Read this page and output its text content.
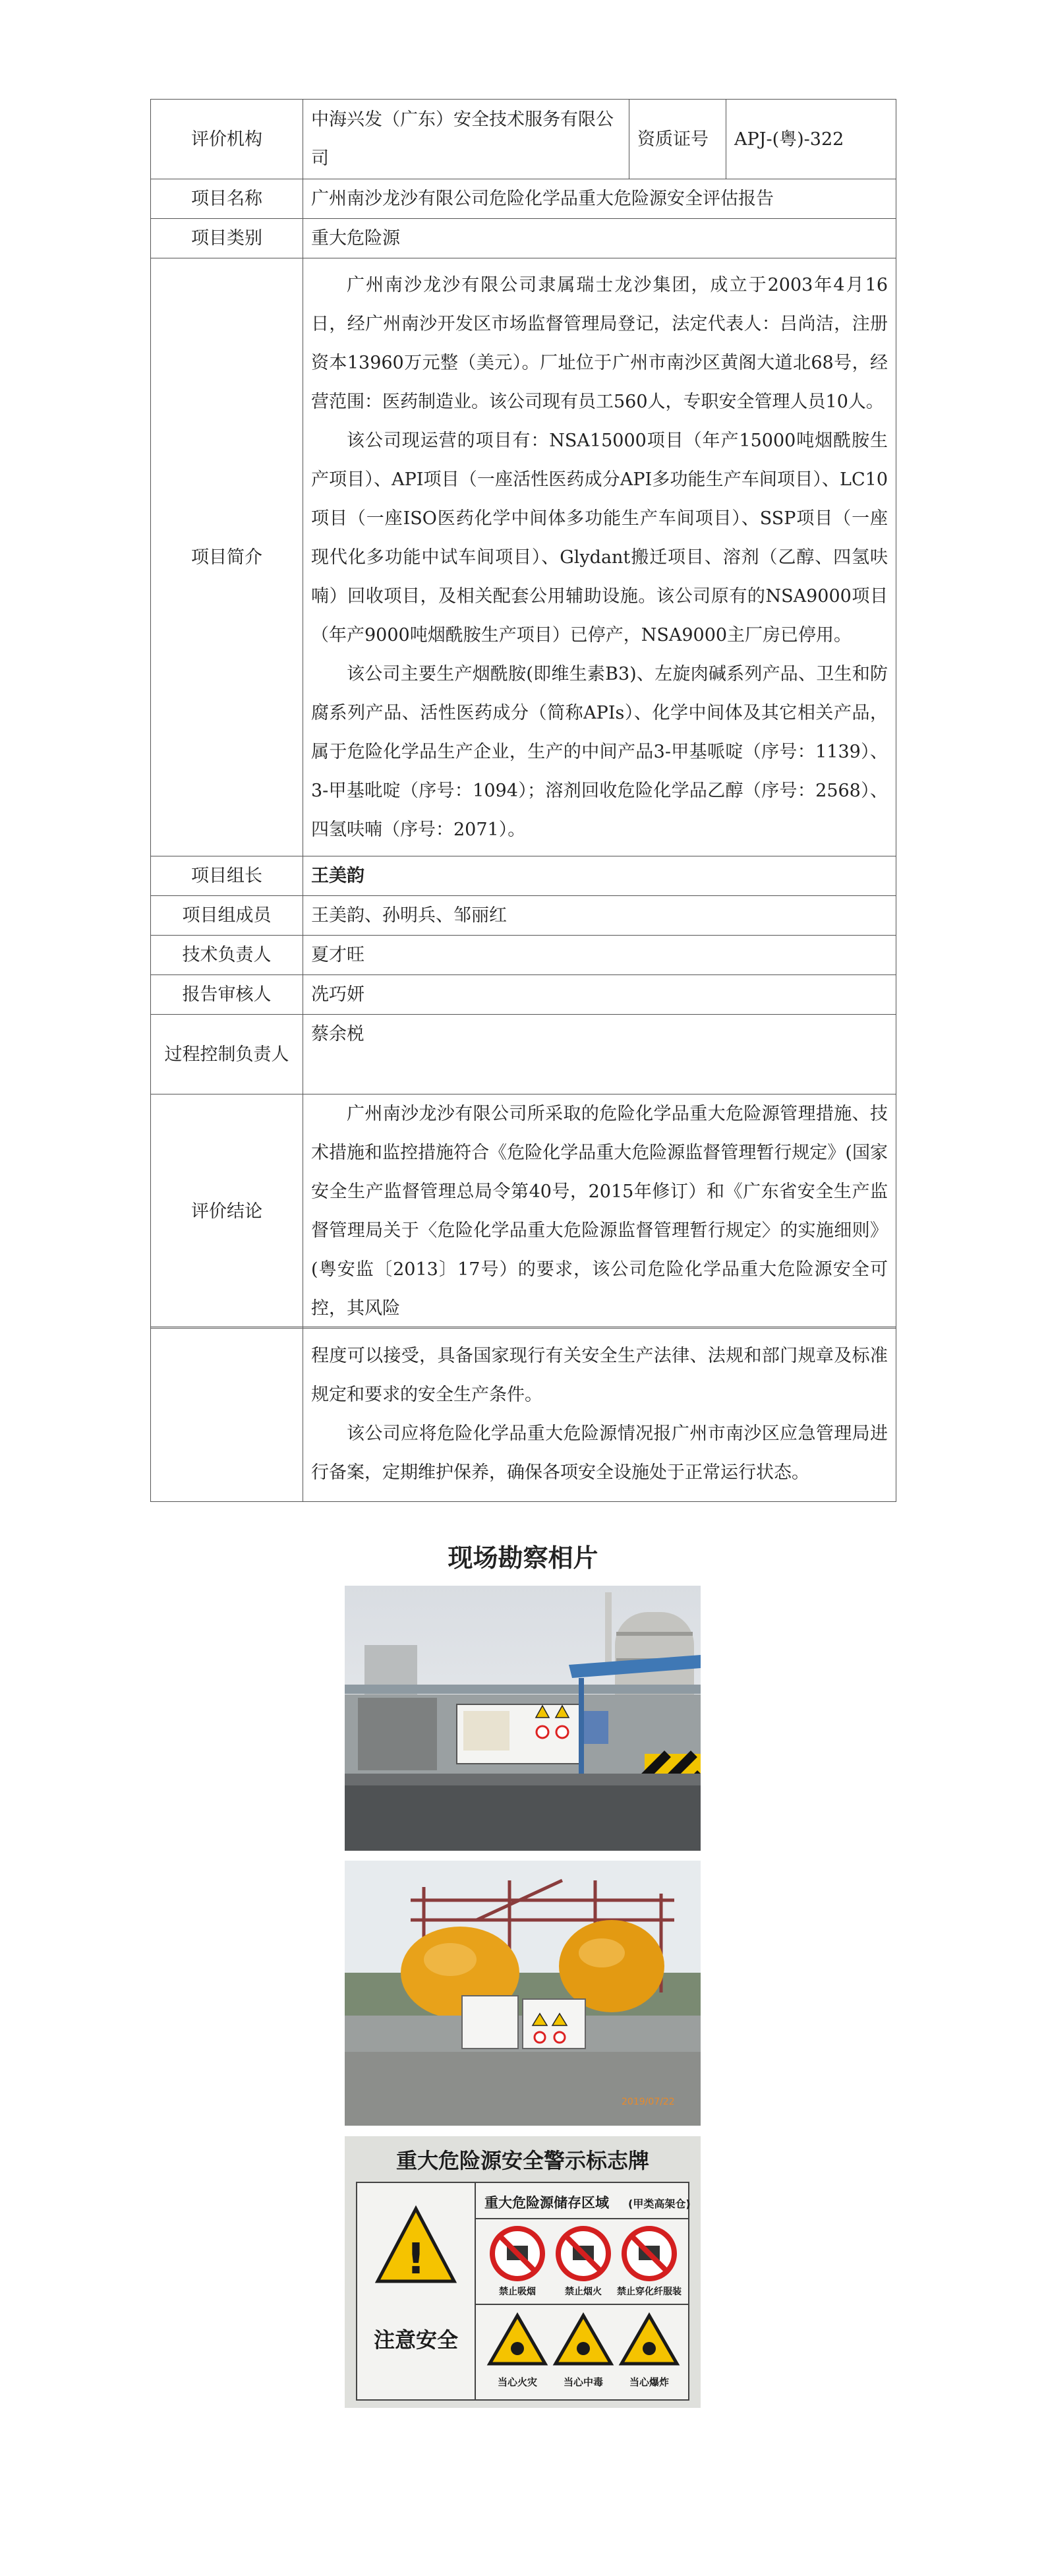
评价机构	中海兴发（广东）安全技术服务有限公司	资质证号	APJ-(粤)-322
项目名称	广州南沙龙沙有限公司危险化学品重大危险源安全评估报告		
项目类别	重大危险源		
项目简介	广州南沙龙沙有限公司隶属瑞士龙沙集团，成立于2003年4月16日，经广州南沙开发区市场监督管理局登记，法定代表人：吕尚洁，注册资本13960万元整（美元）。厂址位于广州市南沙区黄阁大道北68号，经营范围：医药制造业。该公司现有员工560人，专职安全管理人员10人。

该公司现运营的项目有：NSA15000项目（年产15000吨烟酰胺生产项目）、API项目（一座活性医药成分API多功能生产车间项目）、LC10项目（一座ISO医药化学中间体多功能生产车间项目）、SSP项目（一座现代化多功能中试车间项目）、Glydant搬迁项目、溶剂（乙醇、四氢呋喃）回收项目，及相关配套公用辅助设施。该公司原有的NSA9000项目（年产9000吨烟酰胺生产项目）已停产，NSA9000主厂房已停用。

该公司主要生产烟酰胺(即维生素B3)、左旋肉碱系列产品、卫生和防腐系列产品、活性医药成分（简称APIs）、化学中间体及其它相关产品，属于危险化学品生产企业，生产的中间产品3-甲基哌啶（序号：1139）、3-甲基吡啶（序号：1094）；溶剂回收危险化学品乙醇（序号：2568）、四氢呋喃（序号：2071）。		

项目组长	王美韵		
项目组成员	王美韵、孙明兵、邹丽红		
技术负责人	夏才旺		
报告审核人	冼巧妍		
过程控制负责人	蔡余棁		
评价结论	广州南沙龙沙有限公司所采取的危险化学品重大危险源管理措施、技术措施和监控措施符合《危险化学品重大危险源监督管理暂行规定》(国家安全生产监督管理总局令第40号，2015年修订）和《广东省安全生产监督管理局关于〈危险化学品重大危险源监督管理暂行规定〉的实施细则》(粤安监〔2013〕17号）的要求，该公司危险化学品重大危险源安全可控，其风险		

程度可以接受，具备国家现行有关安全生产法律、法规和部门规章及标准规定和要求的安全生产条件。

该公司应将危险化学品重大危险源情况报广州市南沙区应急管理局进行备案，定期维护保养，确保各项安全设施处于正常运行状态。

现场勘察相片
2019/07/22
重大危险源安全警示标志牌
!
注意安全
重大危险源储存区域 (甲类高架仓)
禁止吸烟	禁止烟火 禁止穿化纤服装
当心火灾	当心中毒	当心爆炸
